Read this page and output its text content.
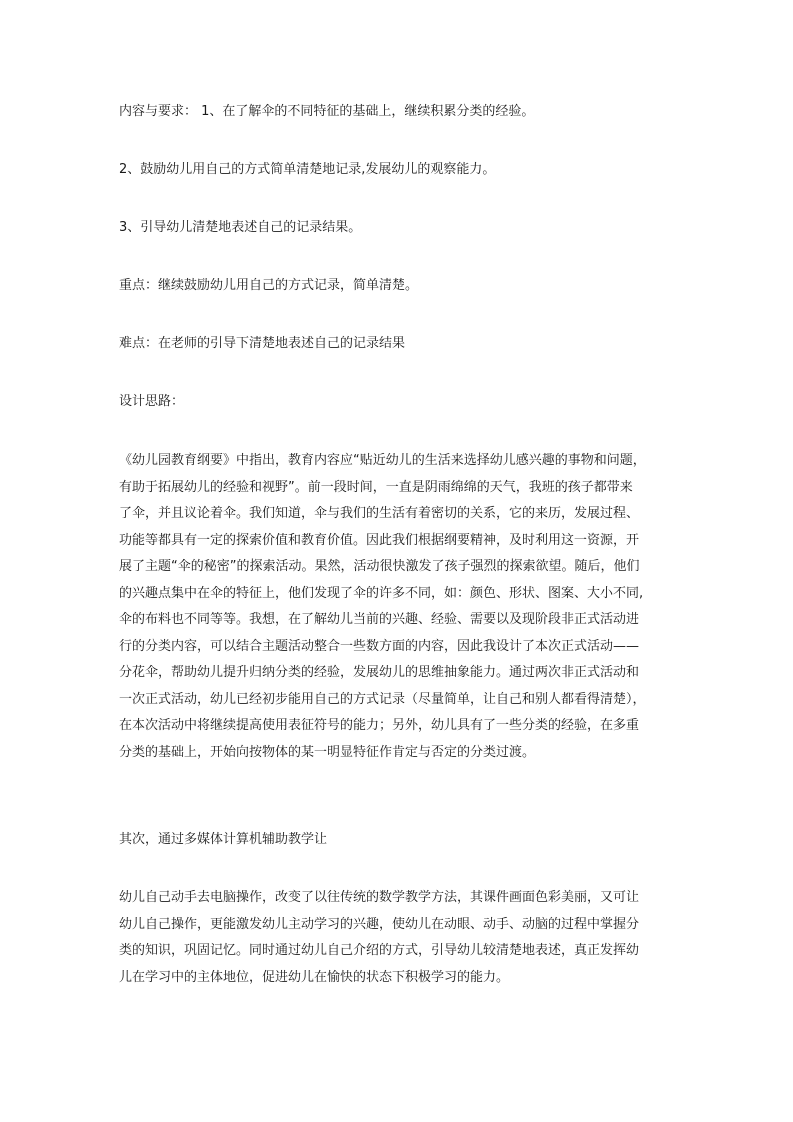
内容与要求： 1、在了解伞的不同特征的基础上，继续积累分类的经验。

2、鼓励幼儿用自己的方式简单清楚地记录,发展幼儿的观察能力。

3、引导幼儿清楚地表述自己的记录结果。

重点：继续鼓励幼儿用自己的方式记录，简单清楚。

难点：在老师的引导下清楚地表述自己的记录结果

设计思路：

《幼儿园教育纲要》中指出，教育内容应“贴近幼儿的生活来选择幼儿感兴趣的事物和问题，
有助于拓展幼儿的经验和视野”。前一段时间，一直是阴雨绵绵的天气，我班的孩子都带来
了伞，并且议论着伞。我们知道，伞与我们的生活有着密切的关系，它的来历，发展过程、
功能等都具有一定的探索价值和教育价值。因此我们根据纲要精神，及时利用这一资源，开
展了主题“伞的秘密”的探索活动。果然，活动很快激发了孩子强烈的探索欲望。随后，他们
的兴趣点集中在伞的特征上，他们发现了伞的许多不同，如：颜色、形状、图案、大小不同,
伞的布料也不同等等。我想，在了解幼儿当前的兴趣、经验、需要以及现阶段非正式活动进
行的分类内容，可以结合主题活动整合一些数方面的内容，因此我设计了本次正式活动——
分花伞，帮助幼儿提升归纳分类的经验，发展幼儿的思维抽象能力。通过两次非正式活动和
一次正式活动，幼儿已经初步能用自己的方式记录（尽量简单，让自己和别人都看得清楚），
在本次活动中将继续提高使用表征符号的能力；另外，幼儿具有了一些分类的经验，在多重
分类的基础上，开始向按物体的某一明显特征作肯定与否定的分类过渡。

其次，通过多媒体计算机辅助教学让

幼儿自己动手去电脑操作，改变了以往传统的数学教学方法，其课件画面色彩美丽，又可让
幼儿自己操作，更能激发幼儿主动学习的兴趣，使幼儿在动眼、动手、动脑的过程中掌握分
类的知识，巩固记忆。同时通过幼儿自己介绍的方式，引导幼儿较清楚地表述，真正发挥幼
儿在学习中的主体地位，促进幼儿在愉快的状态下积极学习的能力。
